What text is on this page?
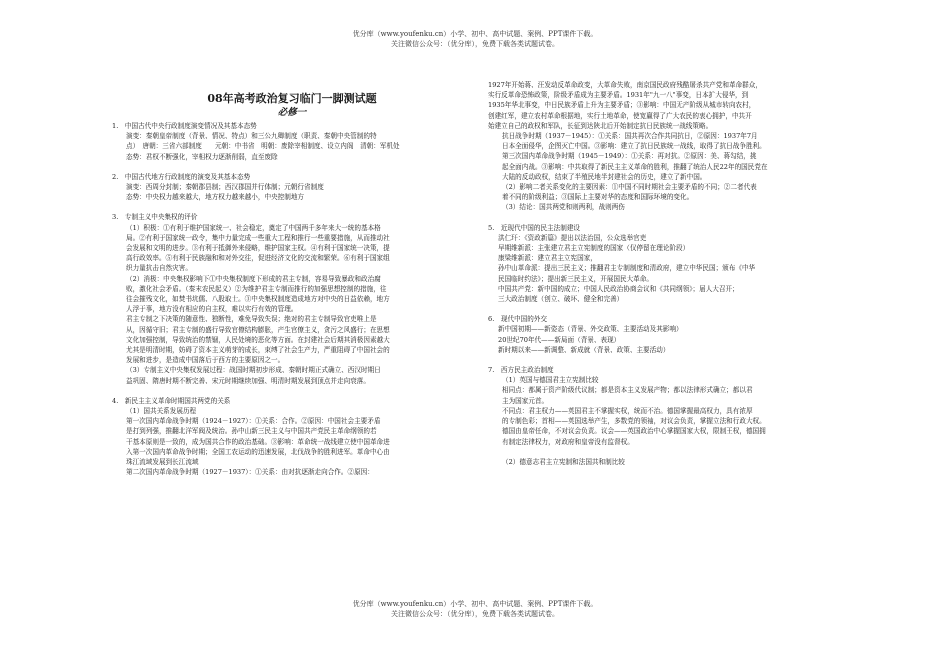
优分库（www.youfenku.cn）小学、初中、高中试题、案例、PPT课件下载。
关注微信公众号：（优分库），免费下载各类试题试卷。
08年高考政治复习临门一脚测试题
必修一
1.　中国古代中央行政制度演变情况及其基本态势
演变：秦朝皇帝制度（背景、情况、特点）和三公九卿制度（职责、秦朝中央管制的特
点）　唐朝：三省六部制度　　元朝：中书省　明朝：废除宰相制度、设立内阁　清朝：军机处
态势：君权不断强化，宰相权力逐渐削弱，直至废除
2.　中国古代地方行政制度的演变及其基本态势
演变：西周分封制；秦朝郡县制；西汉郡国并行体制；元朝行省制度
态势：中央权力越来越大，地方权力越来越小，中央控制地方
3.　专制主义中央集权的评价
（1）积极：①有利于维护国家统一、社会稳定，奠定了中国两千多年来大一统的基本格
局。②有利于国家统一政令，集中力量完成一些重大工程和推行一些重要措施，从而推动社
会发展和文明的进步。③有利于抵御外来侵略，维护国家主权。④有利于国家统一决策，提
高行政效率。⑤有利于民族融和和对外交往，促进经济文化的交流和繁荣。⑥有利于国家组
织力量抗击自然灾害。
（2）消极：中央集权影响下①中央集权制度下形成的君主专制，容易导致暴政和政治腐
败，激化社会矛盾。（秦末农民起义）②为维护君主专制而推行的加强思想控制的措施，往
往会摧残文化，如焚书坑儒、八股取士。③中央集权制度造成地方对中央的日益依赖，地方
人浮于事，地方没有相应的自主权，难以实行有效的管理。
君主专制之下决策的随意性、独断性，难免导致失误；绝对的君主专制导致官吏唯上是
从，因循守旧；君主专制的盛行导致官僚结构膨胀，产生官僚主义，贪污之风盛行；在思想
文化加强控制，导致统治的禁锢，人民处境的恶化等方面。在封建社会后期其消极因素越大
尤其是明清时期，妨碍了资本主义萌芽的成长，束缚了社会生产力，严重阻碍了中国社会的
发展和进步，是造成中国落后于西方的主要原因之一。
（3）专制主义中央集权发展过程：战国时期初步形成、秦朝时期正式确立、西汉时期日
益巩固、隋唐时期不断完善、宋元时期继续加强、明清时期发展到顶点并走向衰落。
4.　新民主主义革命时期国共两党的关系
（1）国共关系发展历程
第一次国内革命战争时期（1924－1927）：①关系：合作。②原因：中国社会主要矛盾
是打到列强，推翻北洋军阀及统治。孙中山新三民主义与中国共产党民主革命纲领的若
干基本原则是一致的，成为国共合作的政治基础。③影响：革命统一战线建立使中国革命进
入第一次国内革命战争时期；全国工农运动的迅速发展，北伐战争的胜利进军。革命中心由
珠江流域发展到长江流域
第二次国内革命战争时期（1927－1937）：①关系：由对抗逐渐走向合作。②原因：
1927年开始蒋、汪发动反革命政变，大革命失败，南京国民政府残酷屠杀共产党和革命群众，
实行反革命恐怖政策，阶级矛盾成为主要矛盾。1931年"九一八"事变，日本扩大侵华，到
1935年华北事变，中日民族矛盾上升为主要矛盾；③影响：中国无产阶级从城市转向农村，
创建红军，建立农村革命根据地，实行土地革命，使宽赢得了广大农民的衷心拥护，中共开
始建立自己的政权和军队，长征到达陕北后开始制定抗日民族统一战线策略。
抗日战争时期（1937－1945）：①关系：国共再次合作共同抗日，②原因：1937年7月
日本全面侵华，企图灭亡中国。③影响：建立了抗日民族统一战线，取得了抗日战争胜利。
第三次国内革命战争时期（1945－1949）：①关系：再对抗。②原因：美、蒋勾结，挑
起全面内战。③影响：中共取得了新民主主义革命的胜利，推翻了统治人民22年的国民党在
大陆的反动政权，结束了半殖民地半封建社会的历史，建立了新中国。
（2）影响二者关系变化的主要因素：①中国不同时期社会主要矛盾的不同；②二者代表
着不同的阶级利益；③国际上主要对华的态度和国际环境的变化。
（3）结论：国共两党和则两利，战则两伤
5.　近现代中国的民主法制建设
洪仁玕：《资政新篇》提出以法治国，公众选举官吏
早期维新派：主张建立君主立宪制度的国家（仅停留在理论阶段）
康梁维新派：建立君主立宪国家，
孙中山革命派：提出三民主义；推翻君主专制制度和清政府，建立中华民国；颁布《中华
民国临时约法》；提出新三民主义，开展国民大革命。
中国共产党：新中国的成立；中国人民政治协商会议和《共同纲领》；届人大召开；
三大政治制度（创立、破坏、健全和完善）
6.　现代中国的外交
新中国初期——新姿态（背景、外交政策、主要活动及其影响）
20世纪70年代——新局面（背景、表现）
新时期以来——新调整、新成就（背景、政策、主要活动）
7.　西方民主政治制度
（1）英国与德国君主立宪制比较
相同点：都属于资产阶级代议制；都是资本主义发展产物；都以法律形式确立；都以君
主为国家元首。
不同点：君主权力——英国君主不掌握实权，统而不治。德国掌握最高权力，具有浓厚
的专制色彩；首相——英国选举产生，多数党的领袖，对议会负责，掌握立法和行政大权。
德国由皇帝任命，不对议会负责。议会——英国政治中心掌握国家大权，限制王权，德国拥
有制定法律权力，对政府和皇帝没有监督权。
（2）德意志君主立宪制和法国共和制比较
优分库（www.youfenku.cn）小学、初中、高中试题、案例、PPT课件下载。
关注微信公众号：（优分库），免费下载各类试题试卷。
